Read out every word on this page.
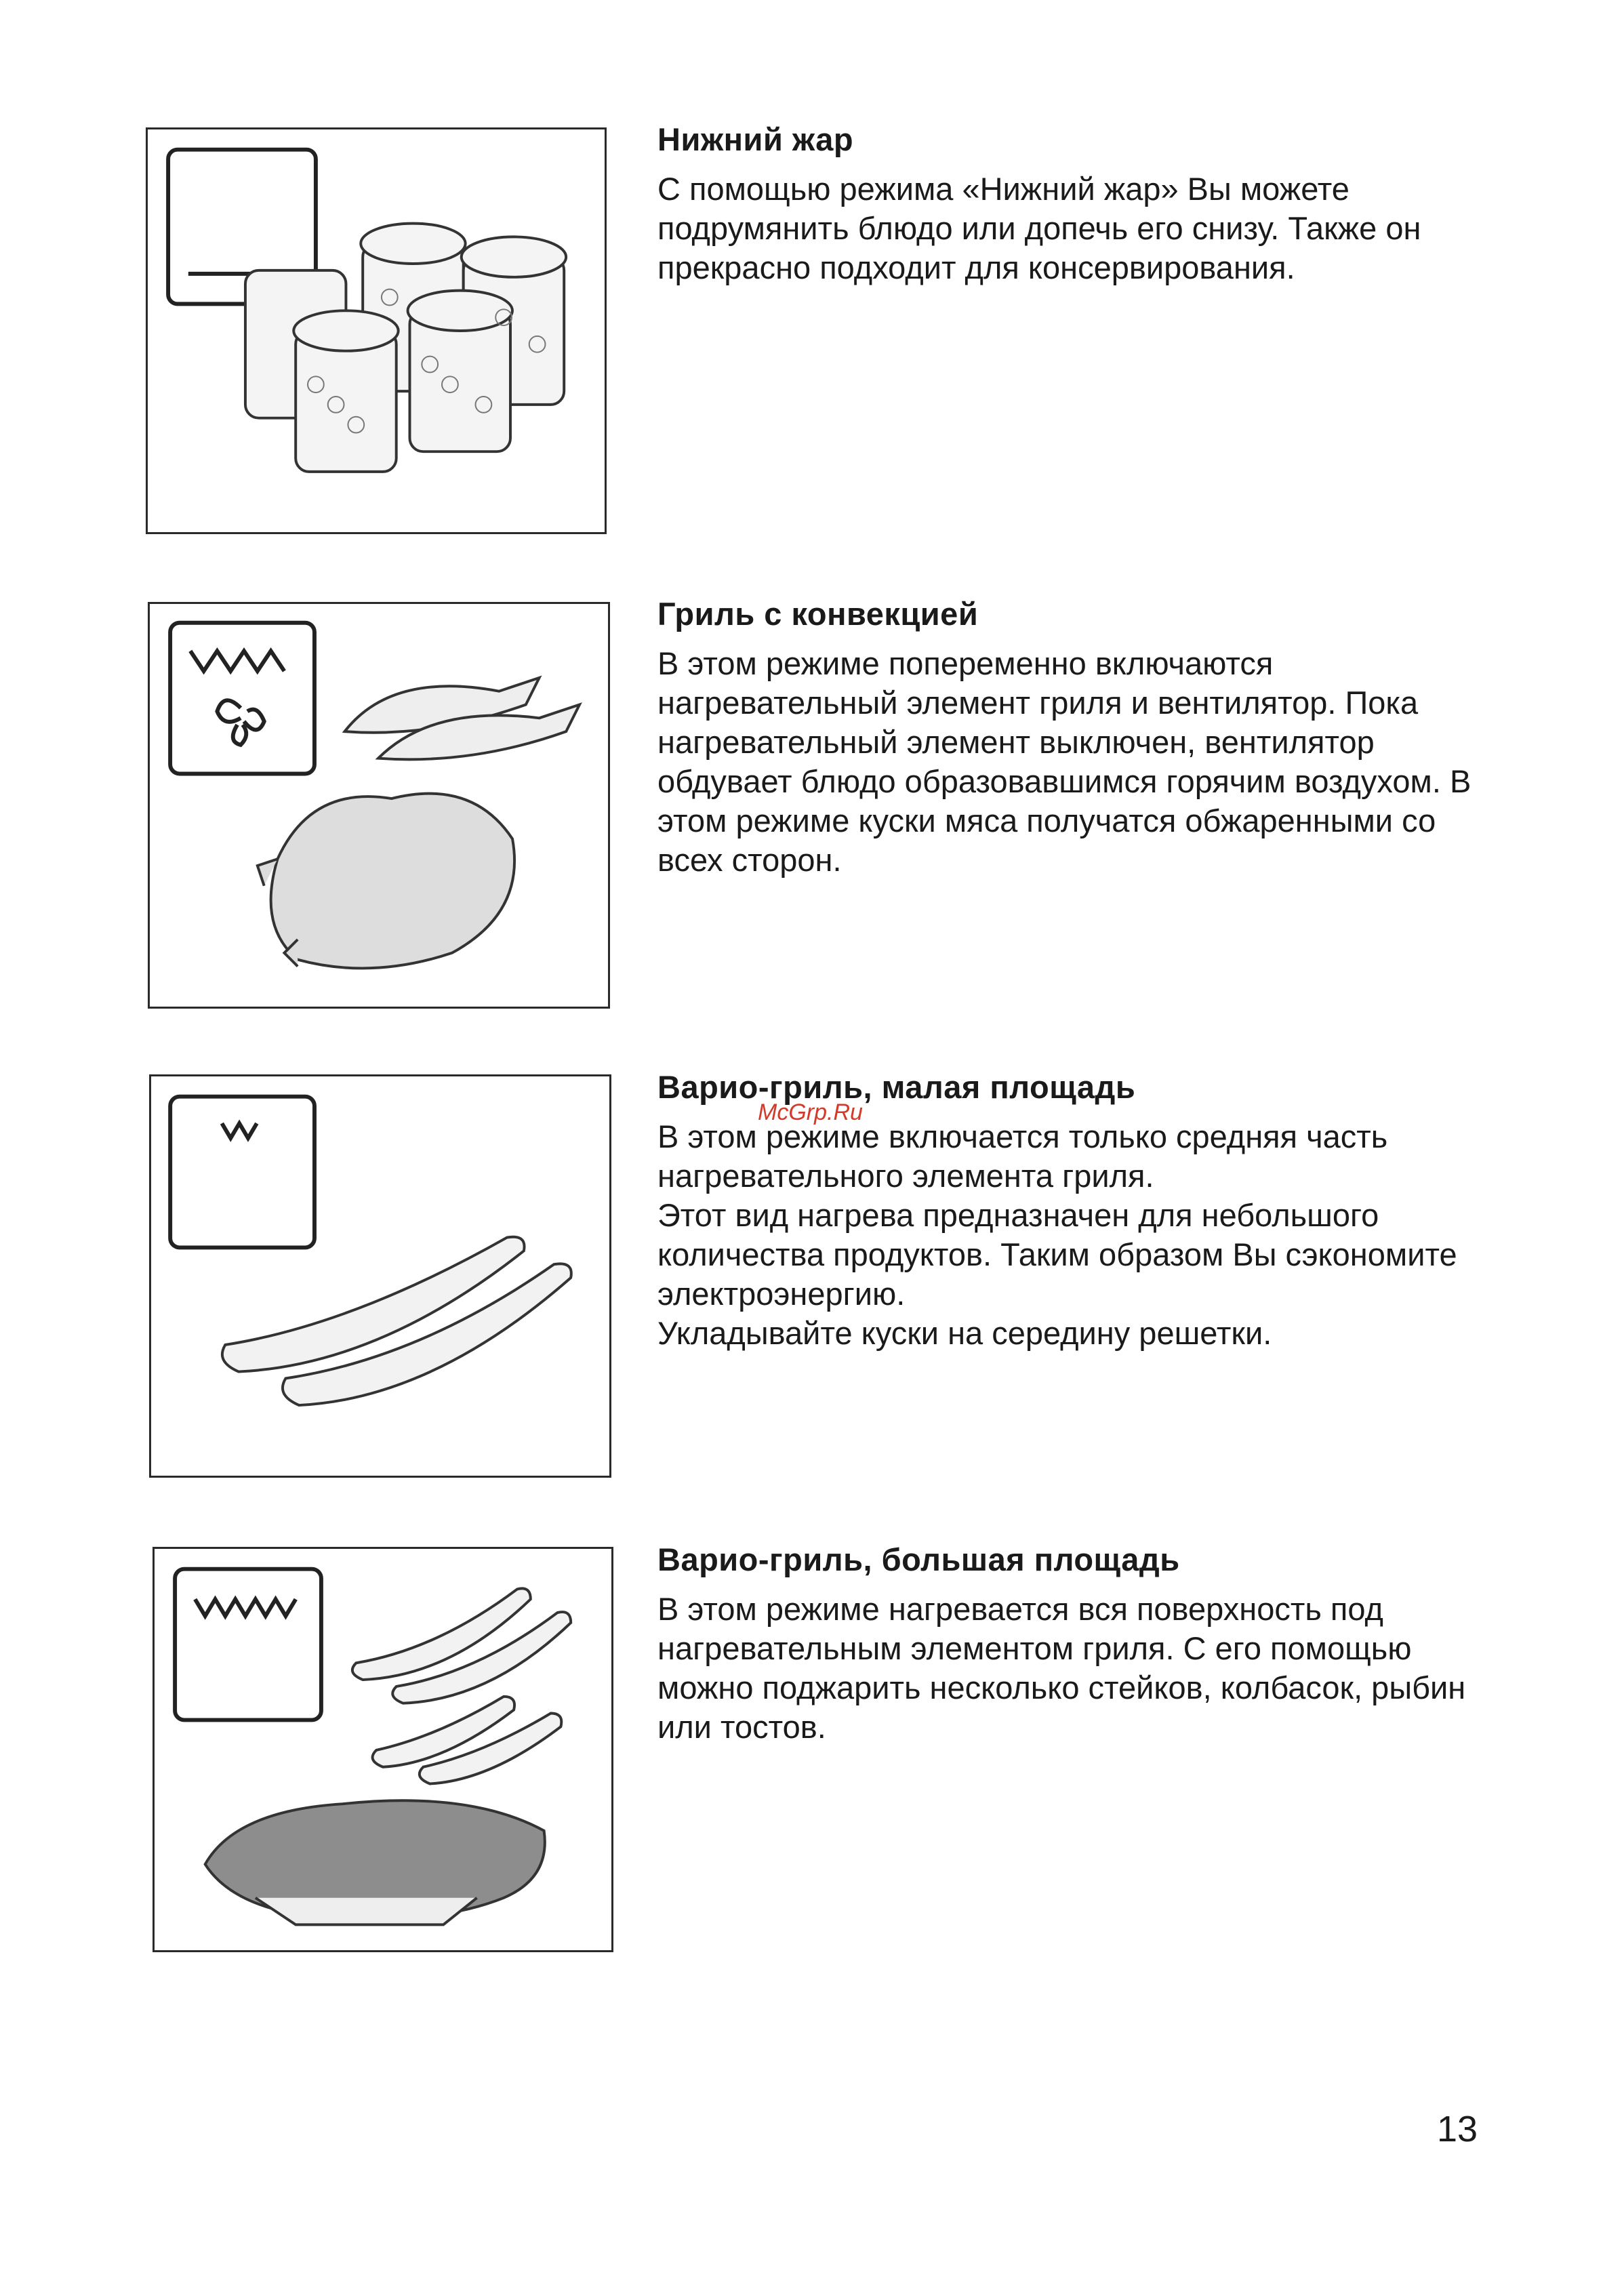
Нижний жар
С помощью режима «Нижний жар» Вы можете подрумянить блюдо или допечь его снизу. Также он прекрасно подходит для консервирования.
Гриль с конвекцией
В этом режиме попеременно включаются нагревательный элемент гриля и вентилятор. Пока нагревательный элемент выключен, вентилятор обдувает блюдо образовавшимся горячим воздухом. В этом режиме куски мяса получатся обжаренными со всех сторон.
Варио-гриль, малая площадь

В этом режиме включается только средняя часть нагревательного элемента гриля.

Этот вид нагрева предназначен для небольшого количества продуктов. Таким образом Вы сэкономите электроэнергию.

Укладывайте куски на середину решетки.

McGrp.Ru
Варио-гриль, большая площадь
В этом режиме нагревается вся поверхность под нагревательным элементом гриля. С его помощью можно поджарить несколько стейков, колбасок, рыбин или тостов.
13
